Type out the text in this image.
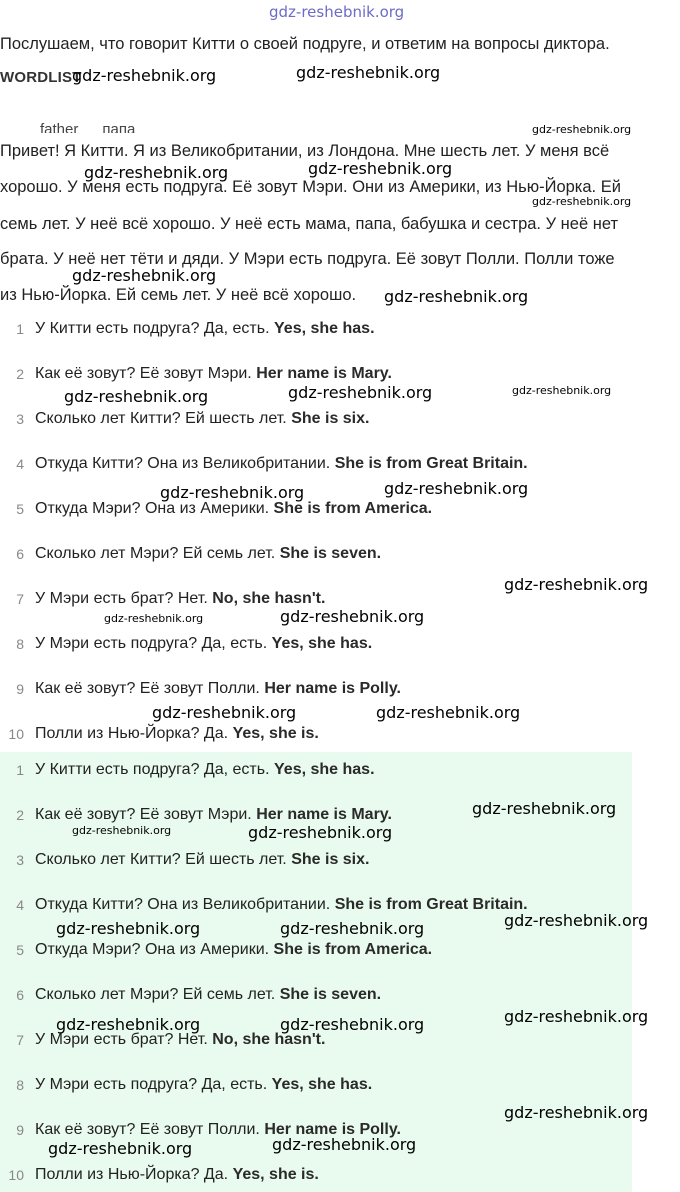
gdz-reshebnik.org
Послушаем, что говорит Китти о своей подруге, и ответим на вопросы диктора.
WORDLIST
father папа
Привет! Я Китти. Я из Великобритании, из Лондона. Мне шесть лет. У меня всё
хорошо. У меня есть подруга. Её зовут Мэри. Они из Америки, из Нью-Йорка. Ей
семь лет. У неё всё хорошо. У неё есть мама, папа, бабушка и сестра. У неё нет
брата. У неё нет тёти и дяди. У Мэри есть подруга. Её зовут Полли. Полли тоже
из Нью-Йорка. Ей семь лет. У неё всё хорошо.
1 У Китти есть подруга? Да, есть. Yes, she has.
2 Как её зовут? Её зовут Мэри. Her name is Mary.
3 Сколько лет Китти? Ей шесть лет. She is six.
4 Откуда Китти? Она из Великобритании. She is from Great Britain.
5 Откуда Мэри? Она из Америки. She is from America.
6 Сколько лет Мэри? Ей семь лет. She is seven.
7 У Мэри есть брат? Нет. No, she hasn't.
8 У Мэри есть подруга? Да, есть. Yes, she has.
9 Как её зовут? Её зовут Полли. Her name is Polly.
10 Полли из Нью-Йорка? Да. Yes, she is.
1 У Китти есть подруга? Да, есть. Yes, she has.
2 Как её зовут? Её зовут Мэри. Her name is Mary.
3 Сколько лет Китти? Ей шесть лет. She is six.
4 Откуда Китти? Она из Великобритании. She is from Great Britain.
5 Откуда Мэри? Она из Америки. She is from America.
6 Сколько лет Мэри? Ей семь лет. She is seven.
7 У Мэри есть брат? Нет. No, she hasn't.
8 У Мэри есть подруга? Да, есть. Yes, she has.
9 Как её зовут? Её зовут Полли. Her name is Polly.
10 Полли из Нью-Йорка? Да. Yes, she is.
gdz-reshebnik.org	gdz-reshebnik.org
gdz-reshebnik.org
gdz-reshebnik.org
gdz-reshebnik.org
gdz-reshebnik.org
gdz-reshebnik.org
gdz-reshebnik.org
gdz-reshebnik.org	gdz-reshebnik.org	gdz-reshebnik.org
gdz-reshebnik.org	gdz-reshebnik.org
gdz-reshebnik.org
gdz-reshebnik.org	gdz-reshebnik.org
gdz-reshebnik.org	gdz-reshebnik.org
gdz-reshebnik.org
gdz-reshebnik.org	gdz-reshebnik.org
gdz-reshebnik.org
gdz-reshebnik.org	gdz-reshebnik.org
gdz-reshebnik.org
gdz-reshebnik.org	gdz-reshebnik.org
gdz-reshebnik.org
gdz-reshebnik.org
gdz-reshebnik.org
